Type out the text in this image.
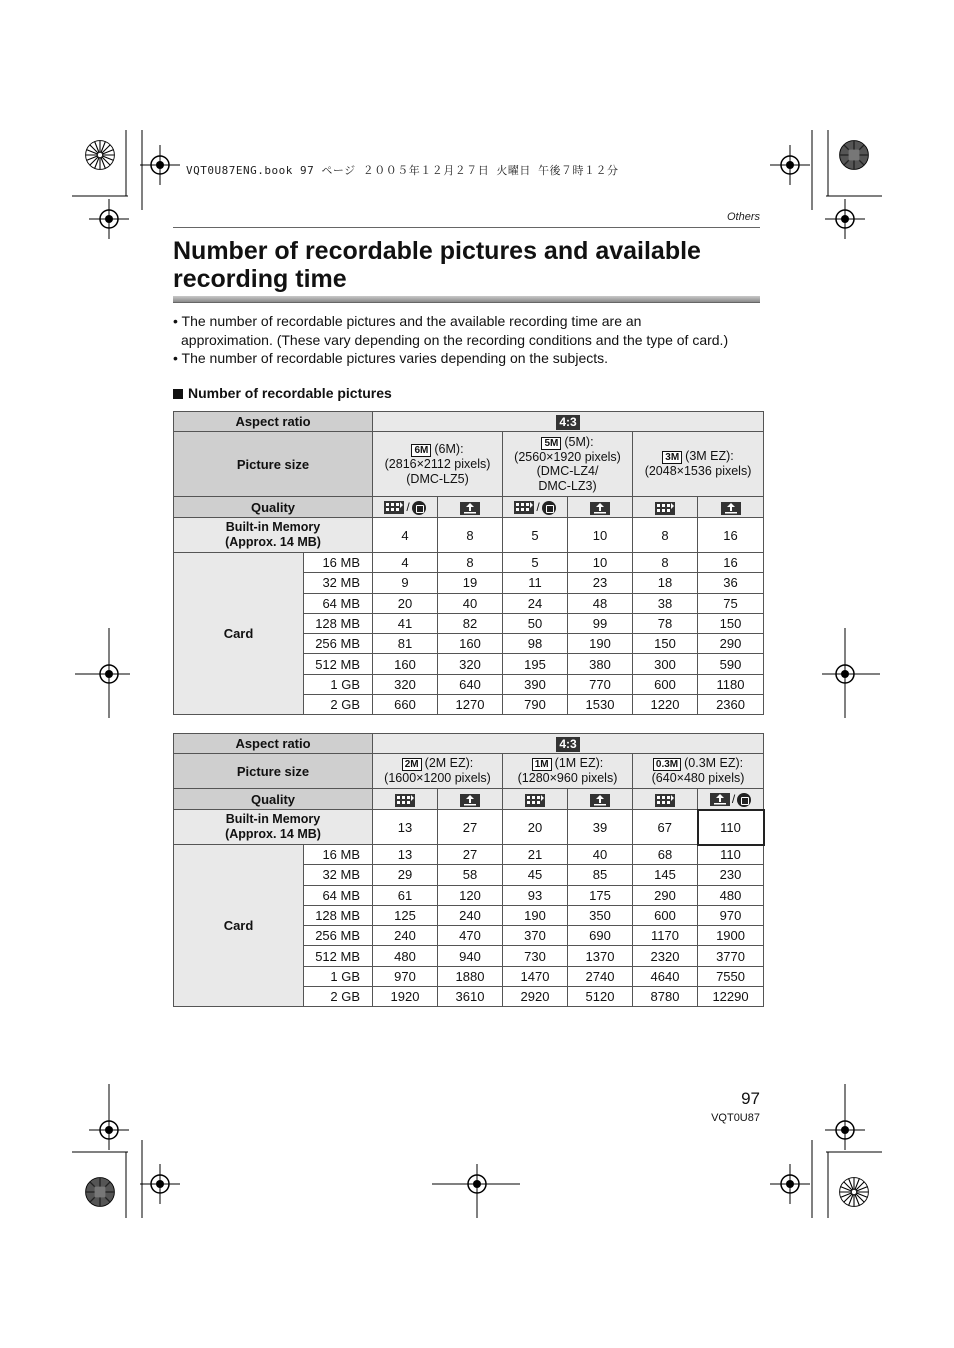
VQT0U87ENG.book 97 ページ ２００５年１２月２７日 火曜日 午後７時１２分
Others
Number of recordable pictures and available
recording time

• The number of recordable pictures and the available recording time are an

approximation. (These vary depending on the recording conditions and the type of card.)

• The number of recordable pictures varies depending on the subjects.

Number of recordable pictures
Aspect ratio		4:3					
Picture size		6M (6M):
(2816×2112 pixels)
(DMC-LZ5)		5M (5M):
(2560×1920 pixels)
(DMC-LZ4/
DMC-LZ3)		3M (3M EZ):
(2048×1536 pixels)	
Quality		/		/			
Built-in Memory
(Approx. 14 MB)		4	8	5	10	8	16
Card	16 MB	4	8	5	10	8	16
	32 MB	9	19	11	23	18	36
	64 MB	20	40	24	48	38	75
	128 MB	41	82	50	99	78	150
	256 MB	81	160	98	190	150	290
	512 MB	160	320	195	380	300	590
	1 GB	320	640	390	770	600	1180
	2 GB	660	1270	790	1530	1220	2360
Aspect ratio		4:3					
Picture size		2M (2M EZ):
(1600×1200 pixels)		1M (1M EZ):
(1280×960 pixels)		0.3M (0.3M EZ):
(640×480 pixels)	
Quality							/
Built-in Memory
(Approx. 14 MB)		13	27	20	39	67	110
Card	16 MB	13	27	21	40	68	110
	32 MB	29	58	45	85	145	230
	64 MB	61	120	93	175	290	480
	128 MB	125	240	190	350	600	970
	256 MB	240	470	370	690	1170	1900
	512 MB	480	940	730	1370	2320	3770
	1 GB	970	1880	1470	2740	4640	7550
	2 GB	1920	3610	2920	5120	8780	12290
97
VQT0U87
